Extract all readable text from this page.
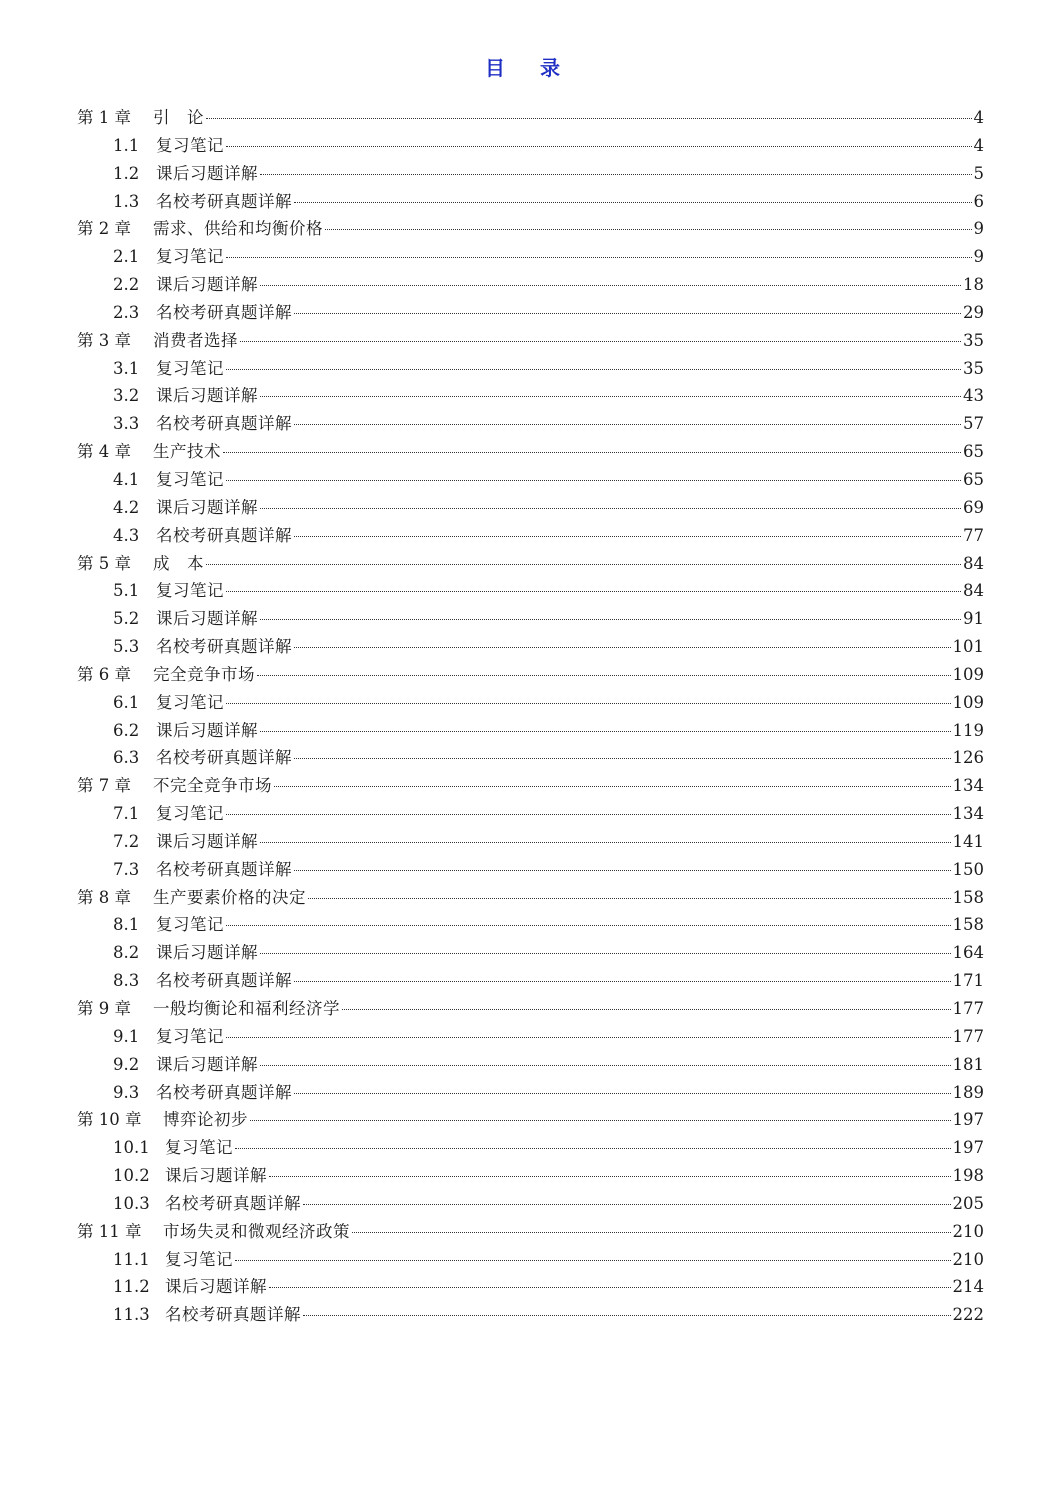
目 录
第 1 章	引　论	4
1.1	复习笔记	4
1.2	课后习题详解	5
1.3	名校考研真题详解	6
第 2 章	需求、供给和均衡价格	9
2.1	复习笔记	9
2.2	课后习题详解	18
2.3	名校考研真题详解	29
第 3 章	消费者选择	35
3.1	复习笔记	35
3.2	课后习题详解	43
3.3	名校考研真题详解	57
第 4 章	生产技术	65
4.1	复习笔记	65
4.2	课后习题详解	69
4.3	名校考研真题详解	77
第 5 章	成　本	84
5.1	复习笔记	84
5.2	课后习题详解	91
5.3	名校考研真题详解	101
第 6 章	完全竞争市场	109
6.1	复习笔记	109
6.2	课后习题详解	119
6.3	名校考研真题详解	126
第 7 章	不完全竞争市场	134
7.1	复习笔记	134
7.2	课后习题详解	141
7.3	名校考研真题详解	150
第 8 章	生产要素价格的决定	158
8.1	复习笔记	158
8.2	课后习题详解	164
8.3	名校考研真题详解	171
第 9 章	一般均衡论和福利经济学	177
9.1	复习笔记	177
9.2	课后习题详解	181
9.3	名校考研真题详解	189
第 10 章	博弈论初步	197
10.1 复习笔记	197
10.2 课后习题详解	198
10.3 名校考研真题详解	205
第 11 章	市场失灵和微观经济政策	210
11.1 复习笔记	210
11.2 课后习题详解	214
11.3 名校考研真题详解	222
